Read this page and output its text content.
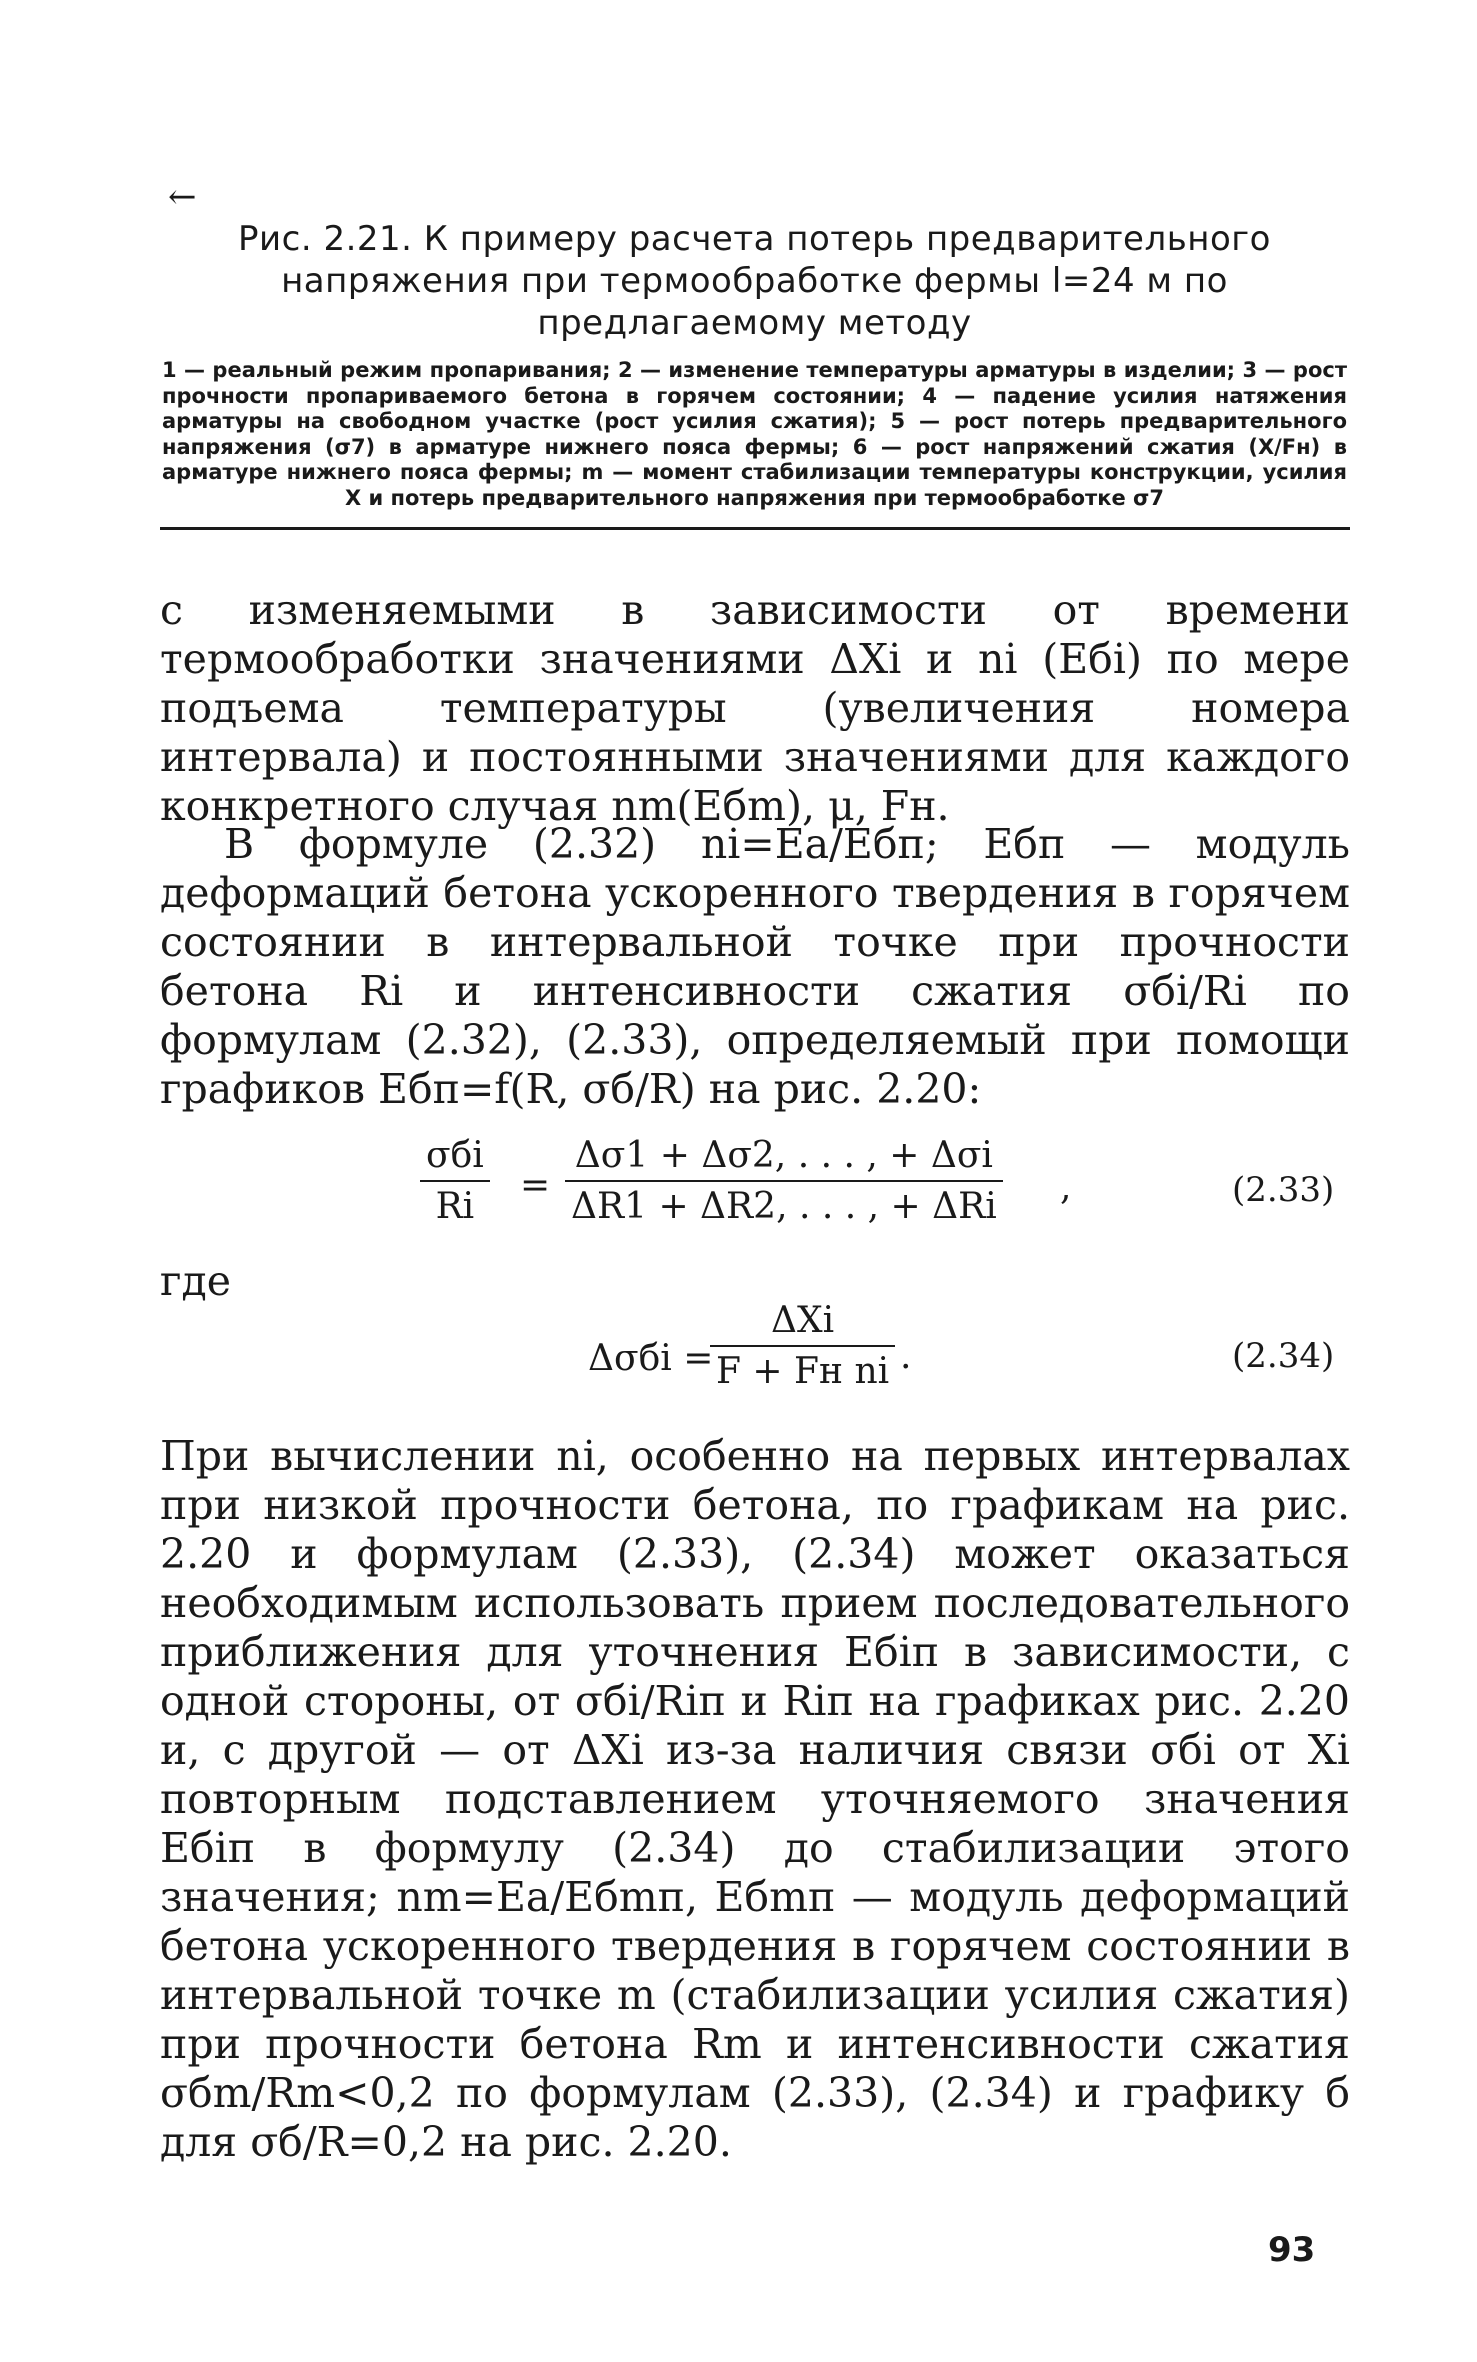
←
Рис. 2.21. К примеру расчета потерь предварительного напряжения при термообработке фермы l=24 м по предлагаемому методу
1 — реальный режим пропаривания; 2 — изменение температуры арматуры в изделии; 3 — рост прочности пропариваемого бетона в горячем состоянии; 4 — падение усилия натяжения арматуры на свободном участке (рост усилия сжатия); 5 — рост потерь предварительного напряжения (σ7) в арматуре нижнего пояса фермы; 6 — рост напряжений сжатия (X/Fн) в арматуре нижнего пояса фермы; m — момент стабилизации температуры конструкции, усилия X и потерь предварительного напряжения при термообработке σ7
с изменяемыми в зависимости от времени термообработки значениями ΔXi и ni (Eбi) по мере подъема температуры (увеличения номера интервала) и постоянными значениями для каждого конкретного случая nm(Eбm), μ, Fн.
В формуле (2.32) ni=Eа/Eбп; Eбп — модуль деформаций бетона ускоренного твердения в горячем состоянии в интервальной точке при прочности бетона Ri и интенсивности сжатия σбi/Ri по формулам (2.32), (2.33), определяемый при помощи графиков Eбп=f(R, σб/R) на рис. 2.20:
σбi
Ri
=
Δσ1 + Δσ2, . . . , + Δσi
ΔR1 + ΔR2, . . . , + ΔRi ,	(2.33)
где
Δσбi =
ΔXi
F + Fн ni .	(2.34)
При вычислении ni, особенно на первых интервалах при низкой прочности бетона, по графикам на рис. 2.20 и формулам (2.33), (2.34) может оказаться необходимым использовать прием последовательного приближения для уточнения Eбiп в зависимости, с одной стороны, от σбi/Riп и Riп на графиках рис. 2.20 и, с другой — от ΔXi из-за наличия связи σбi от Xi повторным подставлением уточняемого значения Eбiп в формулу (2.34) до стабилизации этого значения; nm=Eа/Eбmп, Eбmп — модуль деформаций бетона ускоренного твердения в горячем состоянии в интервальной точке m (стабилизации усилия сжатия) при прочности бетона Rm и интенсивности сжатия σбm/Rm<0,2 по формулам (2.33), (2.34) и графику б для σб/R=0,2 на рис. 2.20.
93
